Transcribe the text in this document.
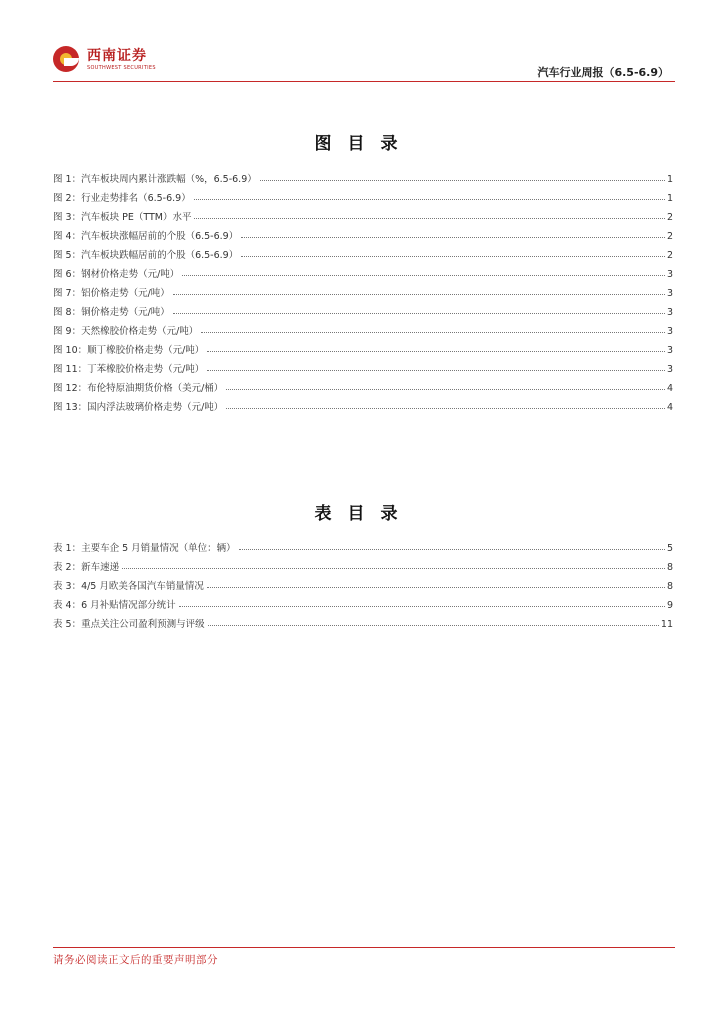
西南证券
SOUTHWEST SECURITIES	汽车行业周报（6.5-6.9）
图目录
图 1：汽车板块周内累计涨跌幅（%，6.5-6.9）	1
图 2：行业走势排名（6.5-6.9）	1
图 3：汽车板块 PE（TTM）水平	2
图 4：汽车板块涨幅居前的个股（6.5-6.9）	2
图 5：汽车板块跌幅居前的个股（6.5-6.9）	2
图 6：钢材价格走势（元/吨）	3
图 7：铝价格走势（元/吨）	3
图 8：铜价格走势（元/吨）	3
图 9：天然橡胶价格走势（元/吨）	3
图 10：顺丁橡胶价格走势（元/吨）	3
图 11：丁苯橡胶价格走势（元/吨）	3
图 12：布伦特原油期货价格（美元/桶）	4
图 13：国内浮法玻璃价格走势（元/吨）	4
表目录
表 1：主要车企 5 月销量情况（单位：辆）	5
表 2：新车速递	8
表 3：4/5 月欧美各国汽车销量情况	8
表 4：6 月补贴情况部分统计	9
表 5：重点关注公司盈利预测与评级	11
请务必阅读正文后的重要声明部分
